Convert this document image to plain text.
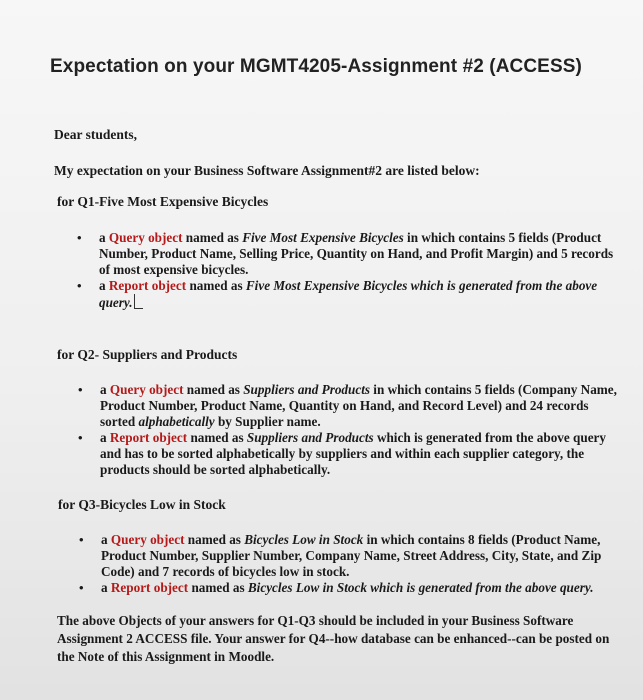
Expectation on your MGMT4205-Assignment #2 (ACCESS)
Dear students,
My expectation on your Business Software Assignment#2 are listed below:
for Q1-Five Most Expensive Bicycles
• a Query object named as Five Most Expensive Bicycles in which contains 5 fields (Product Number, Product Name, Selling Price, Quantity on Hand, and Profit Margin) and 5 records of most expensive bicycles.
• a Report object named as Five Most Expensive Bicycles which is generated from the above query.
for Q2- Suppliers and Products
• a Query object named as Suppliers and Products in which contains 5 fields (Company Name, Product Number, Product Name, Quantity on Hand, and Record Level) and 24 records sorted alphabetically by Supplier name.
• a Report object named as Suppliers and Products which is generated from the above query and has to be sorted alphabetically by suppliers and within each supplier category, the products should be sorted alphabetically.
for Q3-Bicycles Low in Stock
• a Query object named as Bicycles Low in Stock in which contains 8 fields (Product Name, Product Number, Supplier Number, Company Name, Street Address, City, State, and Zip Code) and 7 records of bicycles low in stock.
• a Report object named as Bicycles Low in Stock which is generated from the above query.
The above Objects of your answers for Q1-Q3 should be included in your Business Software Assignment 2 ACCESS file. Your answer for Q4--how database can be enhanced--can be posted on the Note of this Assignment in Moodle.
